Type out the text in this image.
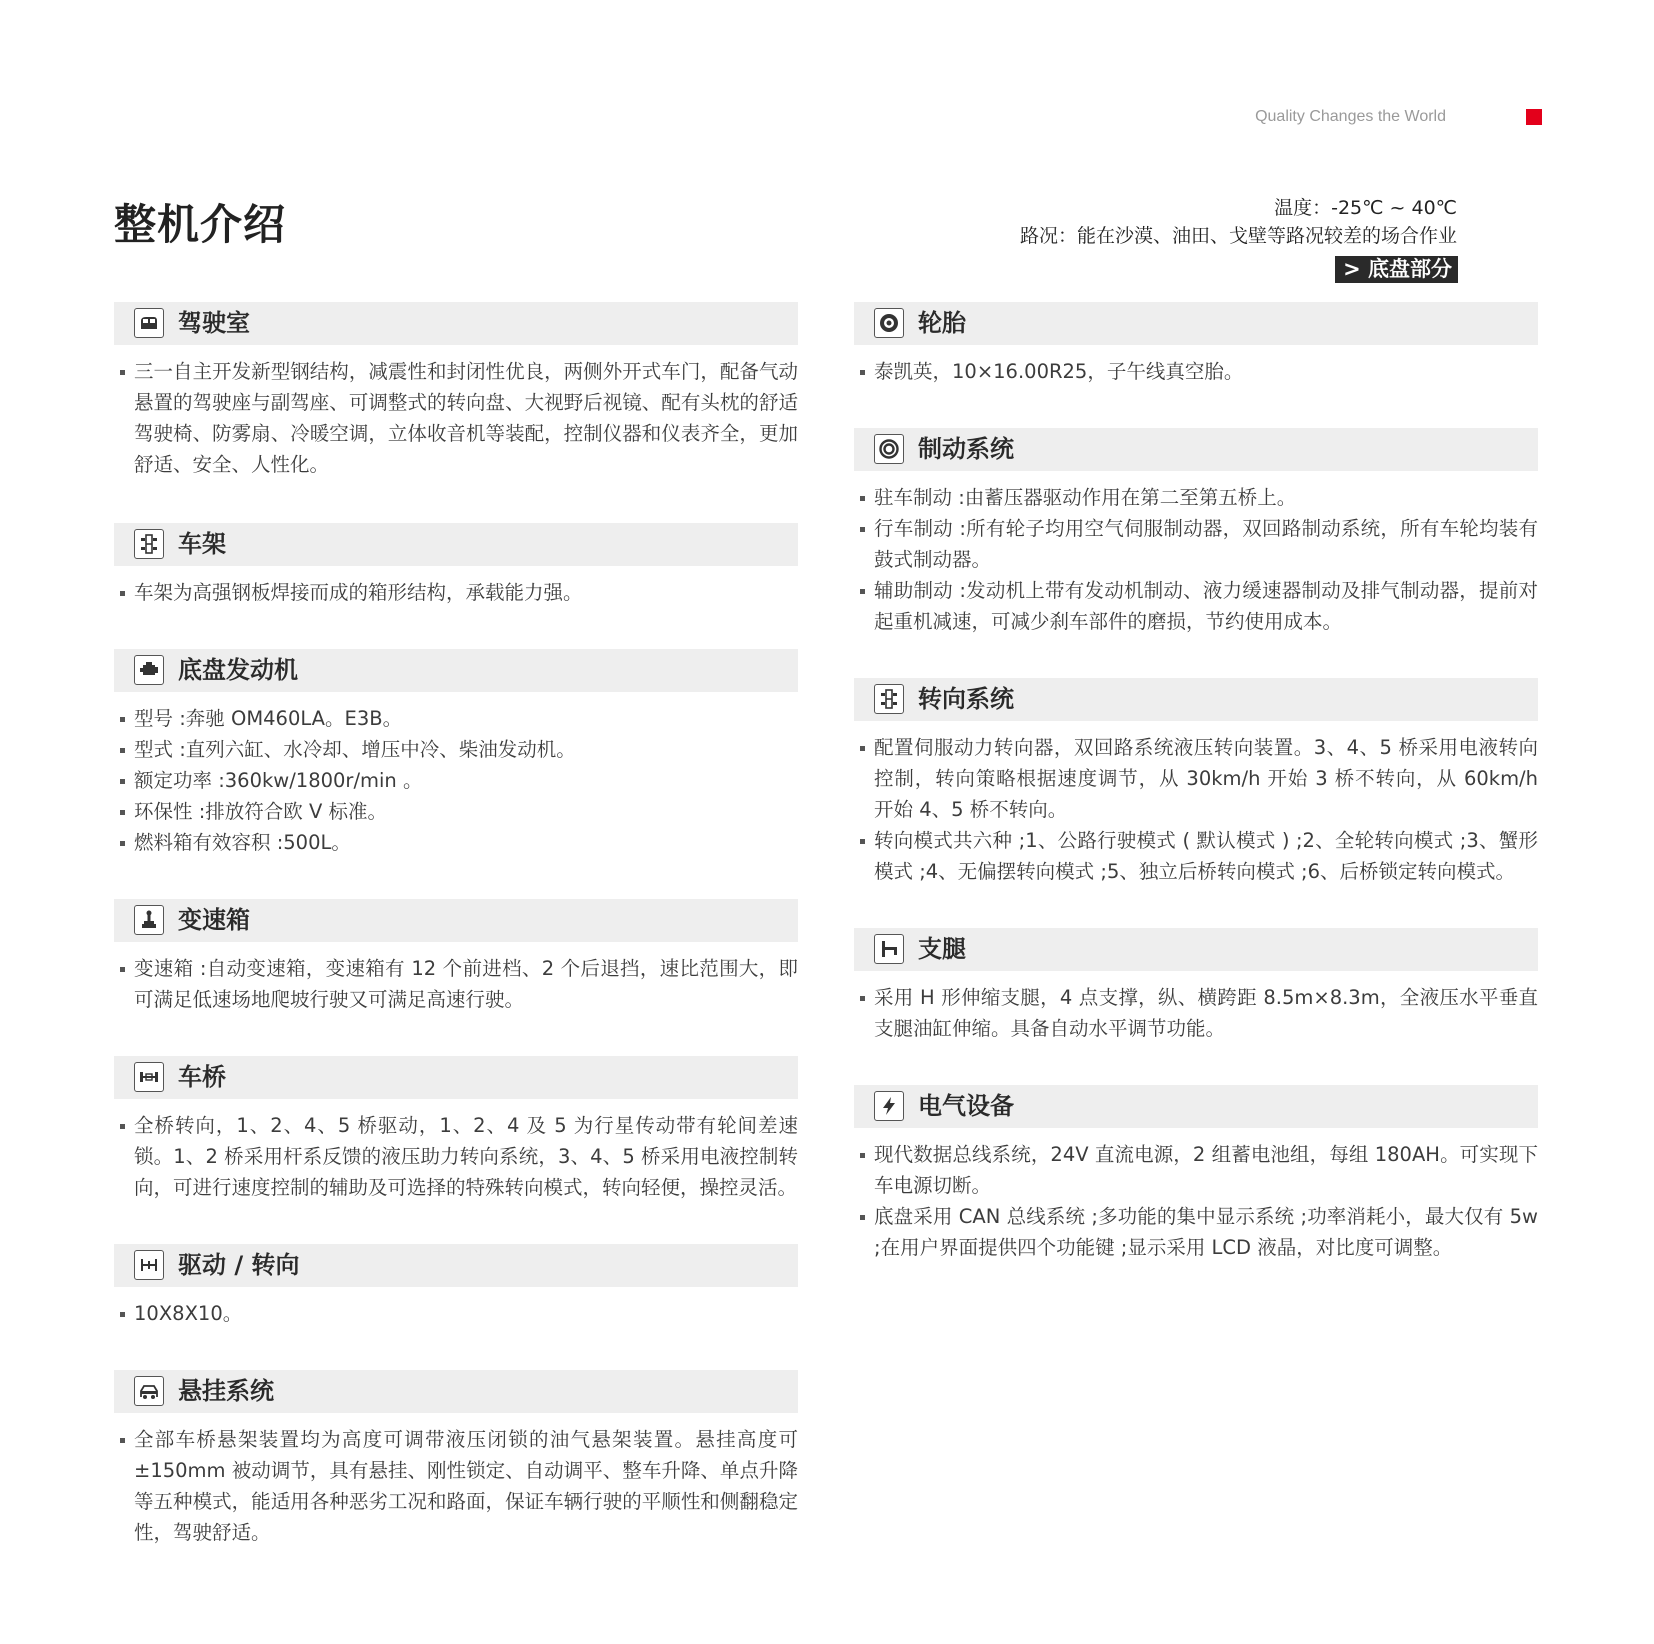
Quality Changes the World
整机介绍	温度：-25℃ ~ 40℃
路况：能在沙漠、油田、戈壁等路况较差的场合作业
> 底盘部分
驾驶室
三一自主开发新型钢结构，减震性和封闭性优良，两侧外开式车门，配备气动悬置的驾驶座与副驾座、可调整式的转向盘、大视野后视镜、配有头枕的舒适驾驶椅、防雾扇、冷暖空调，立体收音机等装配，控制仪器和仪表齐全，更加舒适、安全、人性化。
车架
车架为高强钢板焊接而成的箱形结构，承载能力强。
底盘发动机
型号 :奔驰 OM460LA。E3B。
型式 :直列六缸、水冷却、增压中冷、柴油发动机。
额定功率 :360kw/1800r/min 。
环保性 :排放符合欧 V 标准。
燃料箱有效容积 :500L。
变速箱
变速箱 :自动变速箱，变速箱有 12 个前进档、2 个后退挡，速比范围大，即可满足低速场地爬坡行驶又可满足高速行驶。
车桥
全桥转向，1、2、4、5 桥驱动，1、2、4 及 5 为行星传动带有轮间差速锁。1、2 桥采用杆系反馈的液压助力转向系统，3、4、5 桥采用电液控制转向，可进行速度控制的辅助及可选择的特殊转向模式，转向轻便，操控灵活。
驱动 / 转向
10X8X10。
悬挂系统
全部车桥悬架装置均为高度可调带液压闭锁的油气悬架装置。悬挂高度可 ±150mm 被动调节，具有悬挂、刚性锁定、自动调平、整车升降、单点升降等五种模式，能适用各种恶劣工况和路面，保证车辆行驶的平顺性和侧翻稳定性，驾驶舒适。
轮胎
泰凯英，10×16.00R25，子午线真空胎。
制动系统
驻车制动 :由蓄压器驱动作用在第二至第五桥上。
行车制动 :所有轮子均用空气伺服制动器，双回路制动系统，所有车轮均装有鼓式制动器。
辅助制动 :发动机上带有发动机制动、液力缓速器制动及排气制动器，提前对起重机减速，可减少刹车部件的磨损，节约使用成本。
转向系统
配置伺服动力转向器，双回路系统液压转向装置。3、4、5 桥采用电液转向控制，转向策略根据速度调节，从 30km/h 开始 3 桥不转向，从 60km/h 开始 4、5 桥不转向。
转向模式共六种 ;1、公路行驶模式 ( 默认模式 ) ;2、全轮转向模式 ;3、蟹形模式 ;4、无偏摆转向模式 ;5、独立后桥转向模式 ;6、后桥锁定转向模式。
支腿
采用 H 形伸缩支腿，4 点支撑，纵、横跨距 8.5m×8.3m，全液压水平垂直支腿油缸伸缩。具备自动水平调节功能。
电气设备
现代数据总线系统，24V 直流电源，2 组蓄电池组，每组 180AH。可实现下车电源切断。
底盘采用 CAN 总线系统 ;多功能的集中显示系统 ;功率消耗小，最大仅有 5w ;在用户界面提供四个功能键 ;显示采用 LCD 液晶，对比度可调整。
